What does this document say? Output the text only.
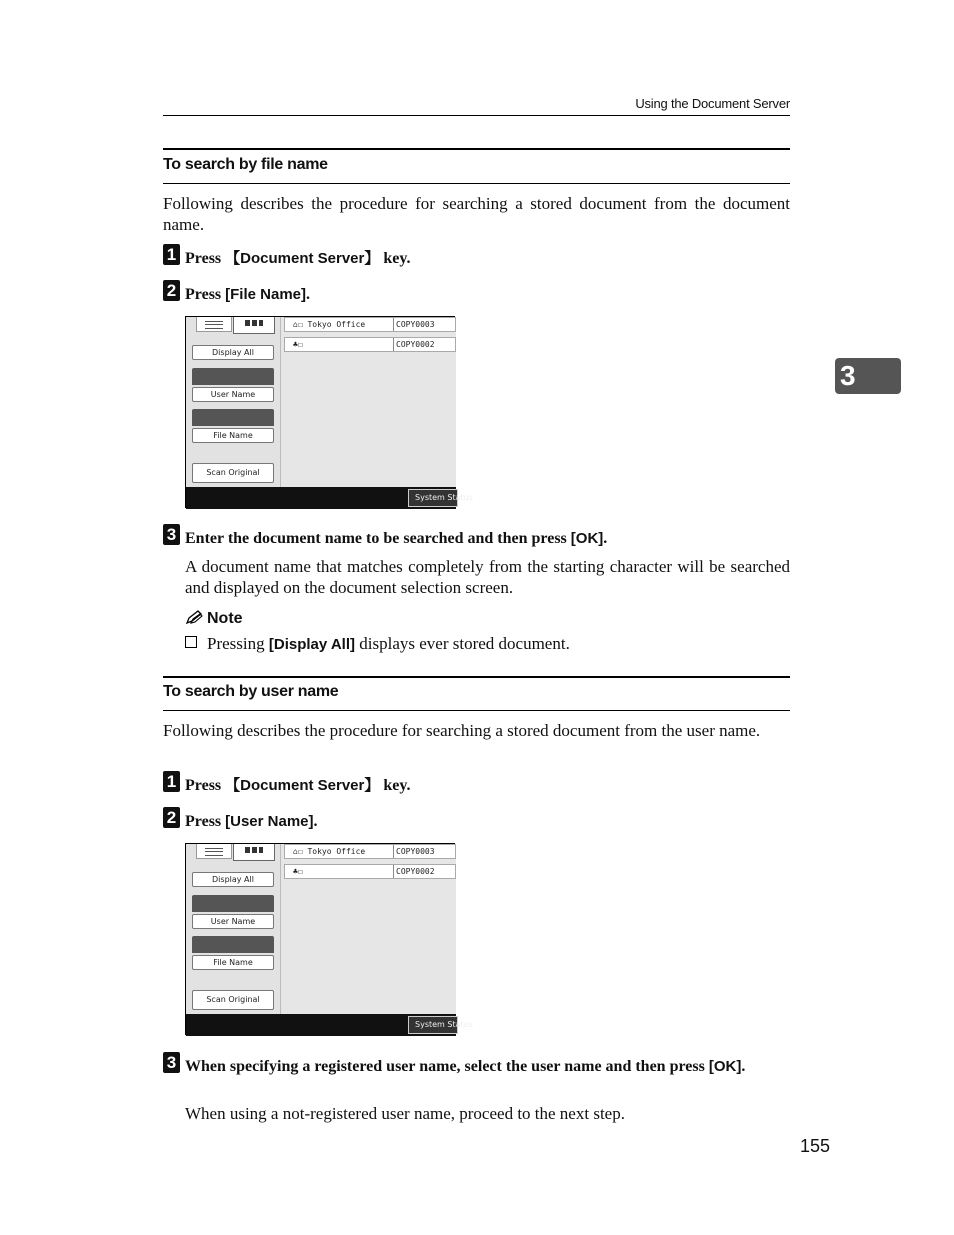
Using the Document Server
3
To search by file name
Following describes the procedure for searching a stored document from the document name.
1 Press 【Document Server】 key.
2 Press [File Name].
Display All
User Name
File Name
Scan Original
⌂☐ Tokyo Office	COPY0003
♣☐	COPY0002
System Status
3 Enter the document name to be searched and then press [OK].
A document name that matches completely from the starting character will be searched and displayed on the document selection screen.
Note
Pressing [Display All] displays ever stored document.
To search by user name
Following describes the procedure for searching a stored document from the user name.
1 Press 【Document Server】 key.
2 Press [User Name].
Display All
User Name
File Name
Scan Original
⌂☐ Tokyo Office	COPY0003
♣☐	COPY0002
System Status
3 When specifying a registered user name, select the user name and then press [OK].
When using a not-registered user name, proceed to the next step.
155
